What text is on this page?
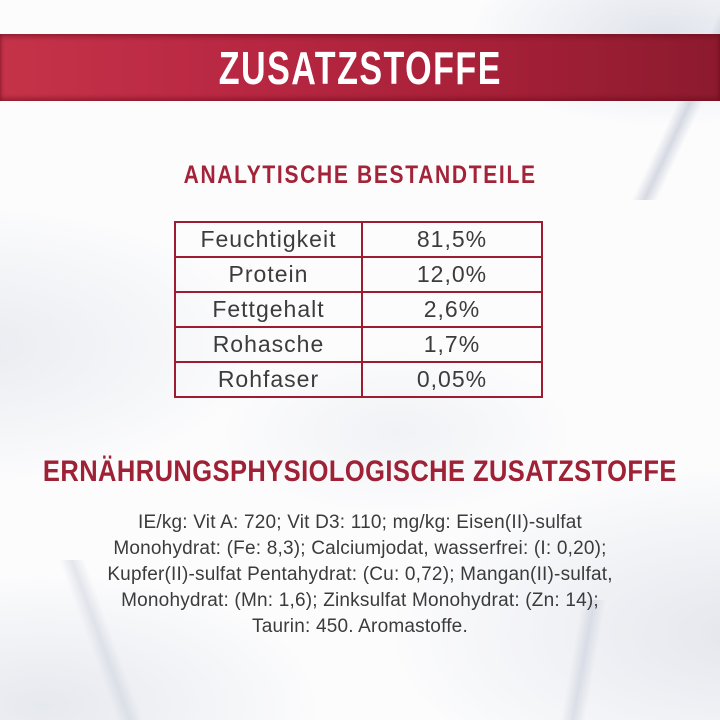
ZUSATZSTOFFE
ANALYTISCHE BESTANDTEILE
Feuchtigkeit	81,5%
Protein	12,0%
Fettgehalt	2,6%
Rohasche	1,7%
Rohfaser	0,05%
ERNÄHRUNGSPHYSIOLOGISCHE ZUSATZSTOFFE
IE/kg: Vit A: 720; Vit D3: 110; mg/kg: Eisen(II)-sulfat
Monohydrat: (Fe: 8,3); Calciumjodat, wasserfrei: (I: 0,20);
Kupfer(II)-sulfat Pentahydrat: (Cu: 0,72); Mangan(II)-sulfat,
Monohydrat: (Mn: 1,6); Zinksulfat Monohydrat: (Zn: 14);
Taurin: 450. Aromastoffe.
